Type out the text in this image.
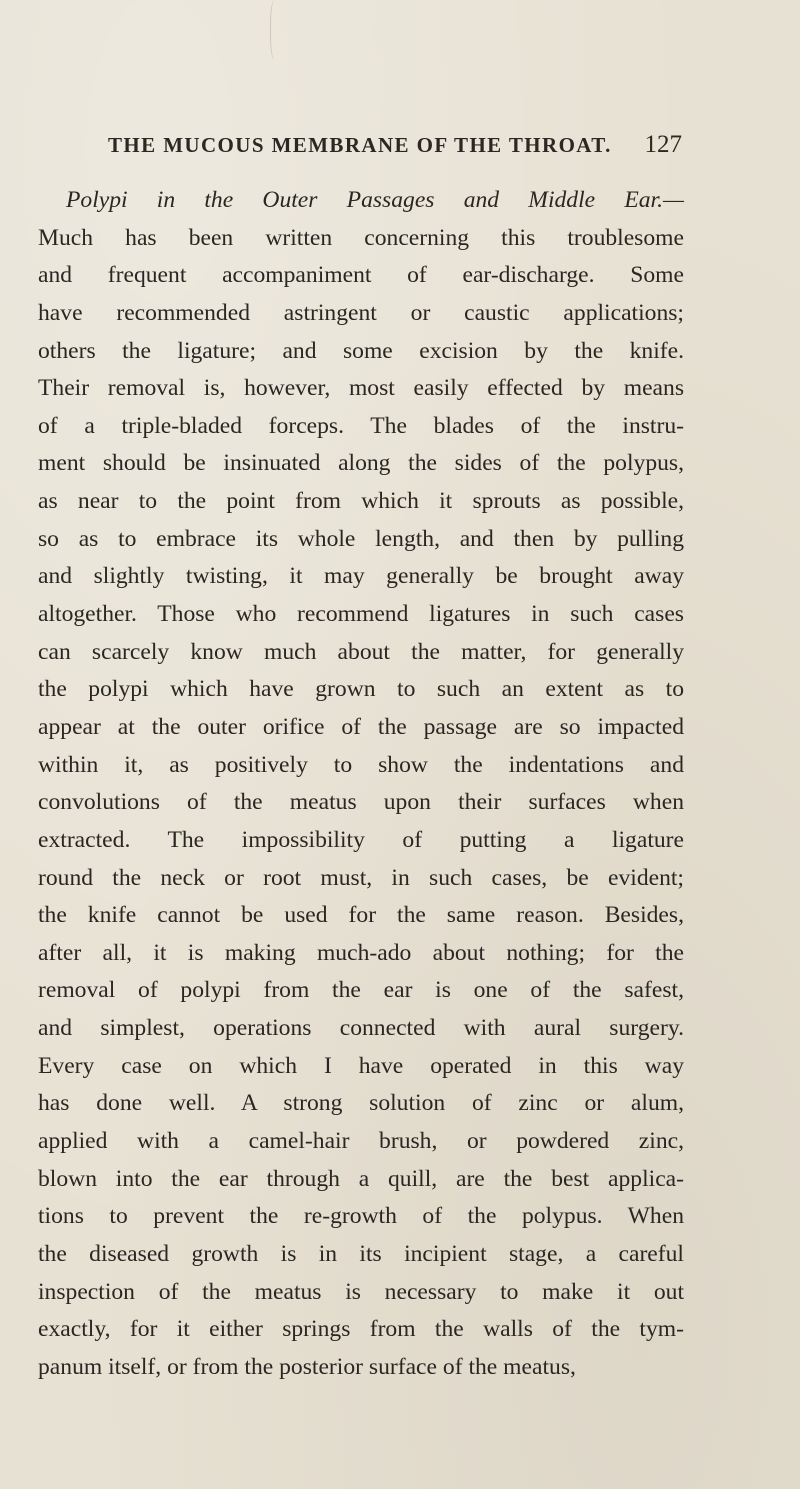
THE MUCOUS MEMBRANE OF THE THROAT. 127
Polypi in the Outer Passages and Middle Ear.—
Much has been written concerning this troublesome
and frequent accompaniment of ear-discharge. Some
have recommended astringent or caustic applications;
others the ligature; and some excision by the knife.
Their removal is, however, most easily effected by means
of a triple-bladed forceps. The blades of the instru-
ment should be insinuated along the sides of the polypus,
as near to the point from which it sprouts as possible,
so as to embrace its whole length, and then by pulling
and slightly twisting, it may generally be brought away
altogether. Those who recommend ligatures in such cases
can scarcely know much about the matter, for generally
the polypi which have grown to such an extent as to
appear at the outer orifice of the passage are so impacted
within it, as positively to show the indentations and
convolutions of the meatus upon their surfaces when
extracted. The impossibility of putting a ligature
round the neck or root must, in such cases, be evident;
the knife cannot be used for the same reason. Besides,
after all, it is making much-ado about nothing; for the
removal of polypi from the ear is one of the safest,
and simplest, operations connected with aural surgery.
Every case on which I have operated in this way
has done well. A strong solution of zinc or alum,
applied with a camel-hair brush, or powdered zinc,
blown into the ear through a quill, are the best applica-
tions to prevent the re-growth of the polypus. When
the diseased growth is in its incipient stage, a careful
inspection of the meatus is necessary to make it out
exactly, for it either springs from the walls of the tym-
panum itself, or from the posterior surface of the meatus,
